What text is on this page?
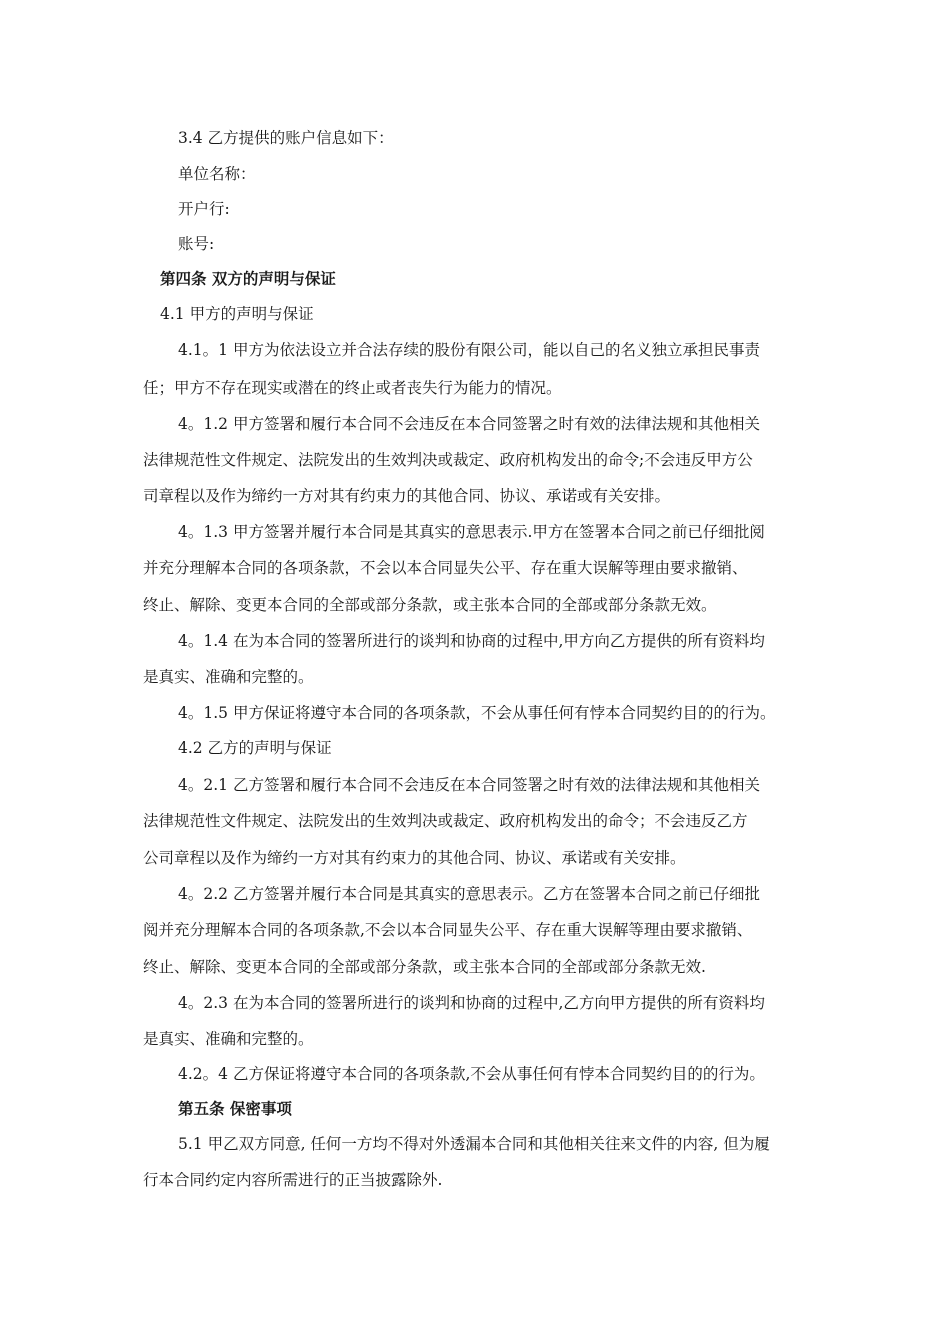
3.4 乙方提供的账户信息如下：
单位名称：
开户行:
账号:
第四条 双方的声明与保证
4.1 甲方的声明与保证
4.1。1 甲方为依法设立并合法存续的股份有限公司，能以自己的名义独立承担民事责
任；甲方不存在现实或潜在的终止或者丧失行为能力的情况。
4。1.2 甲方签署和履行本合同不会违反在本合同签署之时有效的法律法规和其他相关
法律规范性文件规定、法院发出的生效判决或裁定、政府机构发出的命令;不会违反甲方公
司章程以及作为缔约一方对其有约束力的其他合同、协议、承诺或有关安排。
4。1.3 甲方签署并履行本合同是其真实的意思表示.甲方在签署本合同之前已仔细批阅
并充分理解本合同的各项条款，不会以本合同显失公平、存在重大误解等理由要求撤销、
终止、解除、变更本合同的全部或部分条款，或主张本合同的全部或部分条款无效。
4。1.4 在为本合同的签署所进行的谈判和协商的过程中,甲方向乙方提供的所有资料均
是真实、准确和完整的。
4。1.5 甲方保证将遵守本合同的各项条款，不会从事任何有悖本合同契约目的的行为。
4.2 乙方的声明与保证
4。2.1 乙方签署和履行本合同不会违反在本合同签署之时有效的法律法规和其他相关
法律规范性文件规定、法院发出的生效判决或裁定、政府机构发出的命令；不会违反乙方
公司章程以及作为缔约一方对其有约束力的其他合同、协议、承诺或有关安排。
4。2.2 乙方签署并履行本合同是其真实的意思表示。乙方在签署本合同之前已仔细批
阅并充分理解本合同的各项条款,不会以本合同显失公平、存在重大误解等理由要求撤销、
终止、解除、变更本合同的全部或部分条款，或主张本合同的全部或部分条款无效.
4。2.3 在为本合同的签署所进行的谈判和协商的过程中,乙方向甲方提供的所有资料均
是真实、准确和完整的。
4.2。4 乙方保证将遵守本合同的各项条款,不会从事任何有悖本合同契约目的的行为。
第五条 保密事项
5.1 甲乙双方同意, 任何一方均不得对外透漏本合同和其他相关往来文件的内容, 但为履
行本合同约定内容所需进行的正当披露除外.
